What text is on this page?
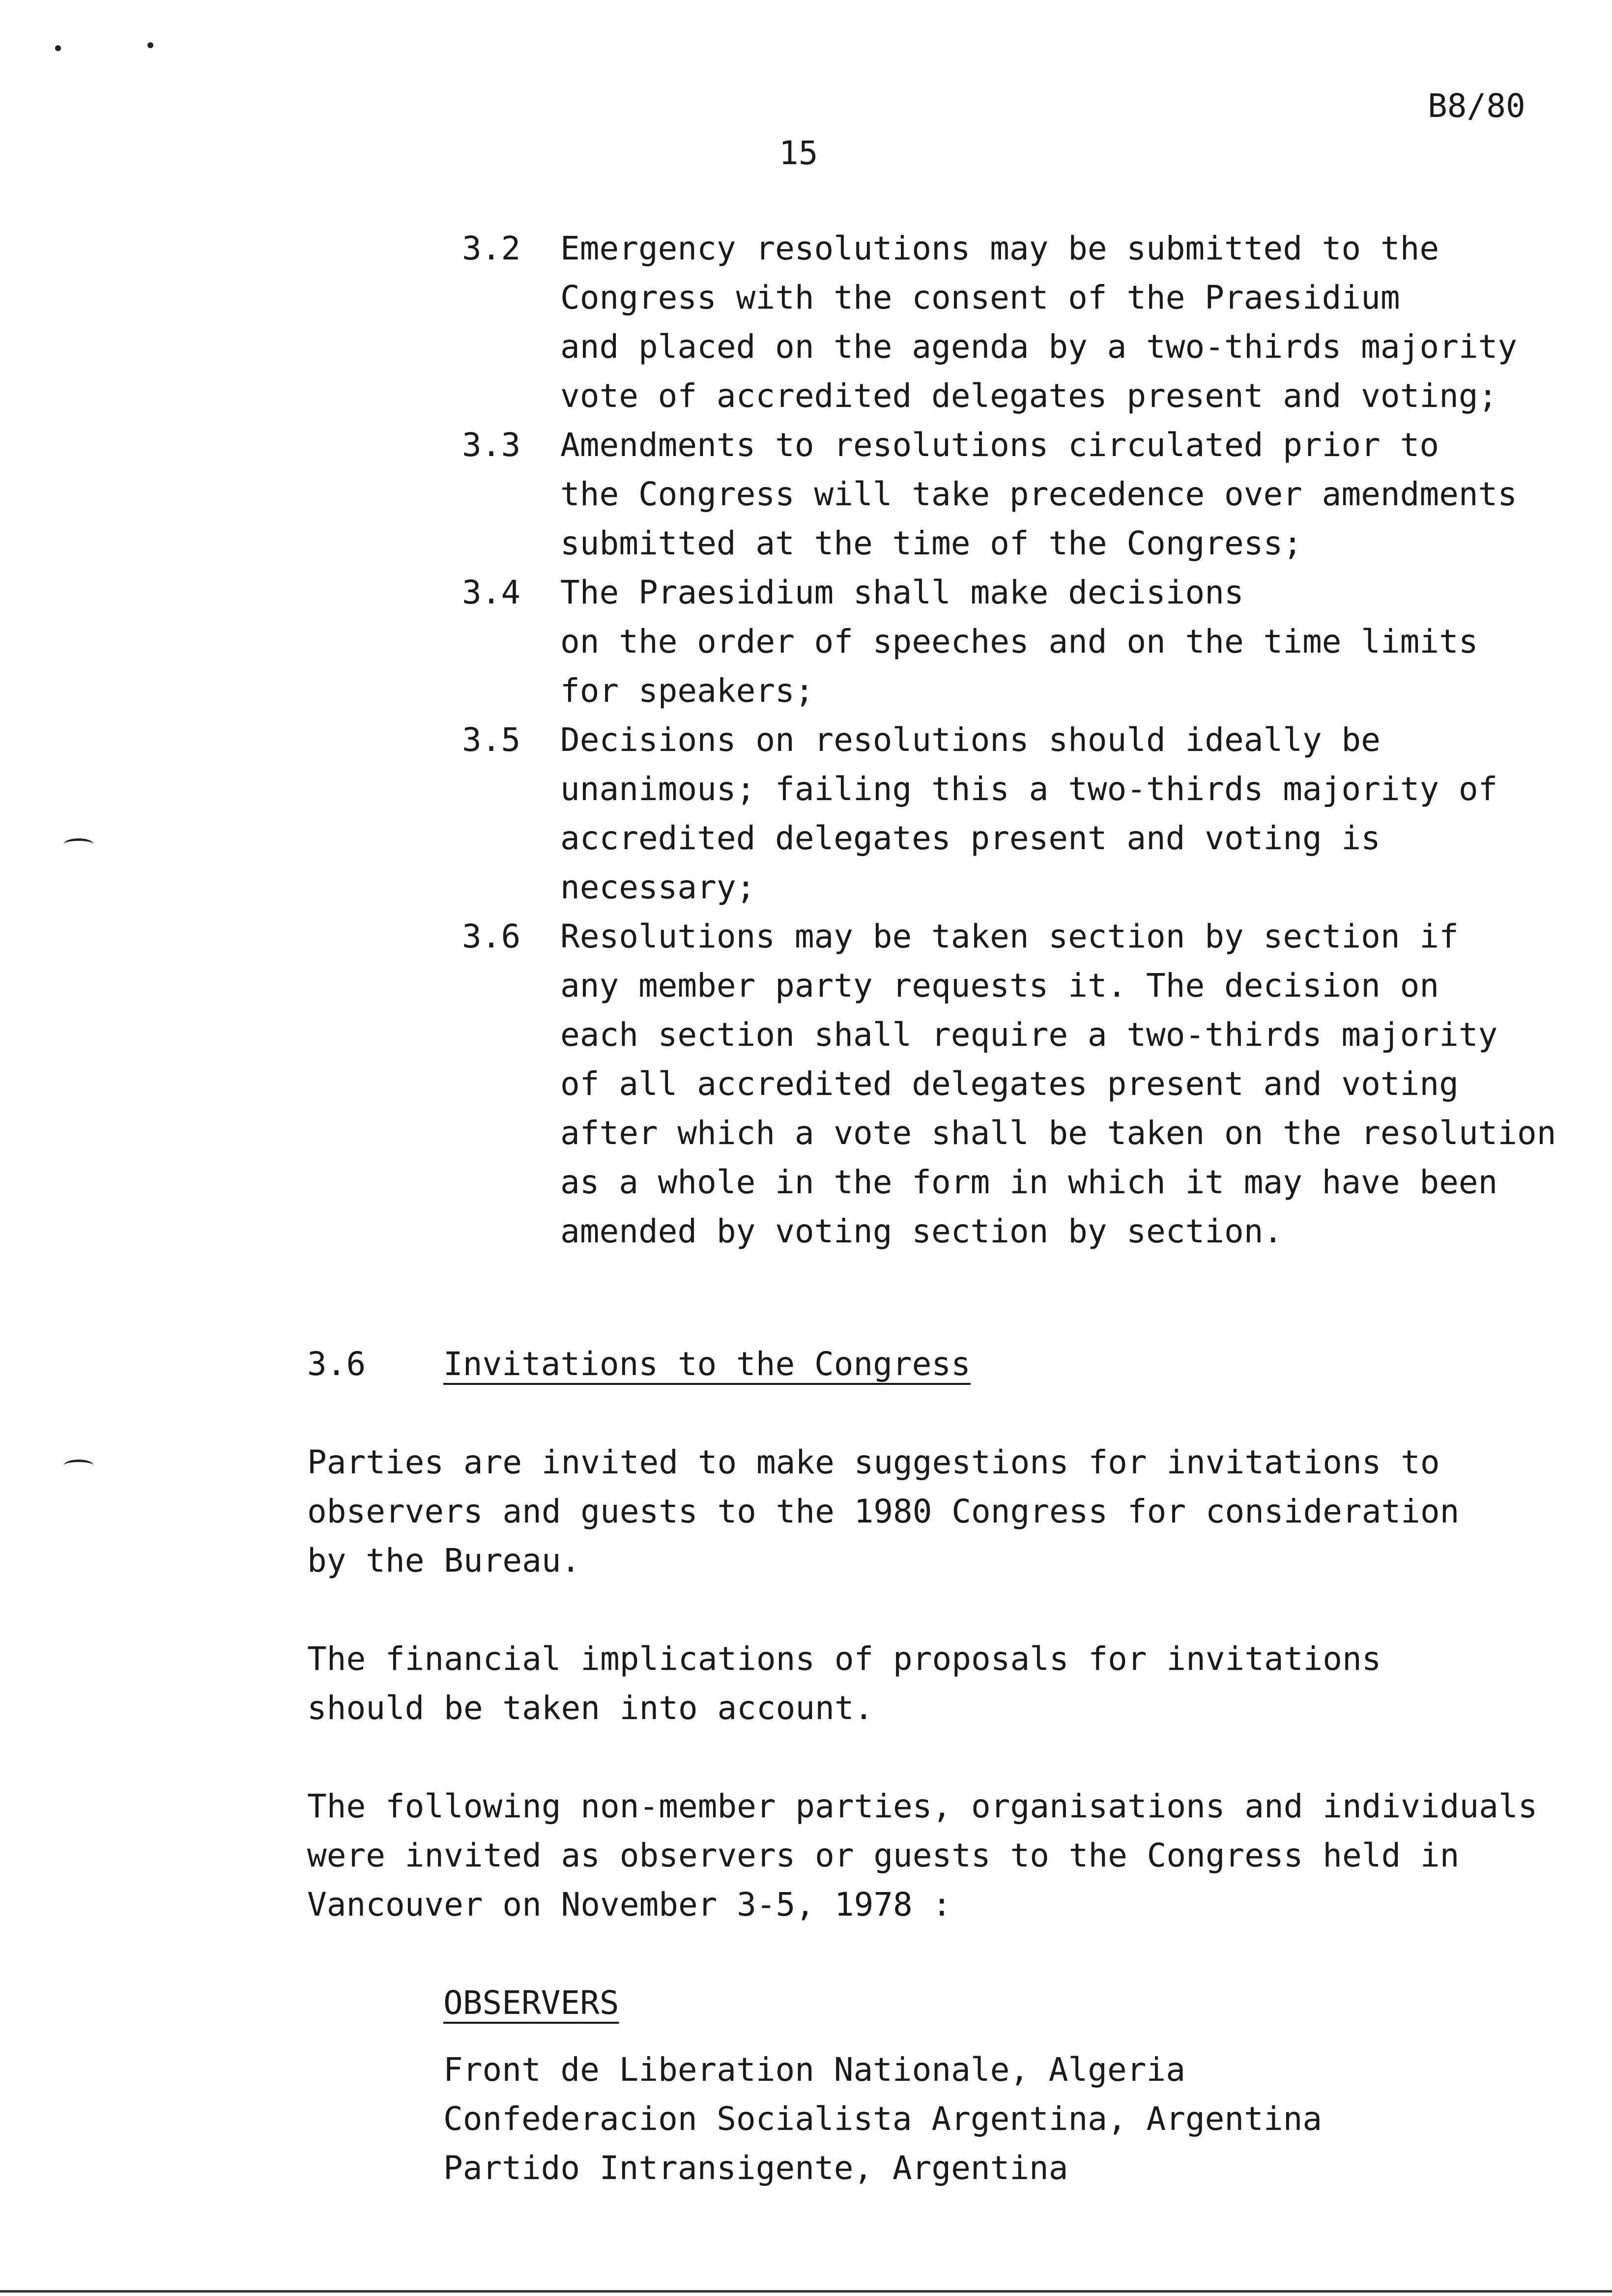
B8/80
15
3.2 Emergency resolutions may be submitted to the
Congress with the consent of the Praesidium
and placed on the agenda by a two-thirds majority
vote of accredited delegates present and voting;
3.3 Amendments to resolutions circulated prior to
the Congress will take precedence over amendments
submitted at the time of the Congress;
3.4 The Praesidium shall make decisions
on the order of speeches and on the time limits
for speakers;
3.5 Decisions on resolutions should ideally be
unanimous; failing this a two-thirds majority of
accredited delegates present and voting is
necessary;
3.6 Resolutions may be taken section by section if
any member party requests it. The decision on
each section shall require a two-thirds majority
of all accredited delegates present and voting
after which a vote shall be taken on the resolution
as a whole in the form in which it may have been
amended by voting section by section.
3.6 Invitations to the Congress
Parties are invited to make suggestions for invitations to
observers and guests to the 1980 Congress for consideration
by the Bureau.
The financial implications of proposals for invitations
should be taken into account.
The following non-member parties, organisations and individuals
were invited as observers or guests to the Congress held in
Vancouver on November 3-5, 1978 :
OBSERVERS
Front de Liberation Nationale, Algeria
Confederacion Socialista Argentina, Argentina
Partido Intransigente, Argentina
